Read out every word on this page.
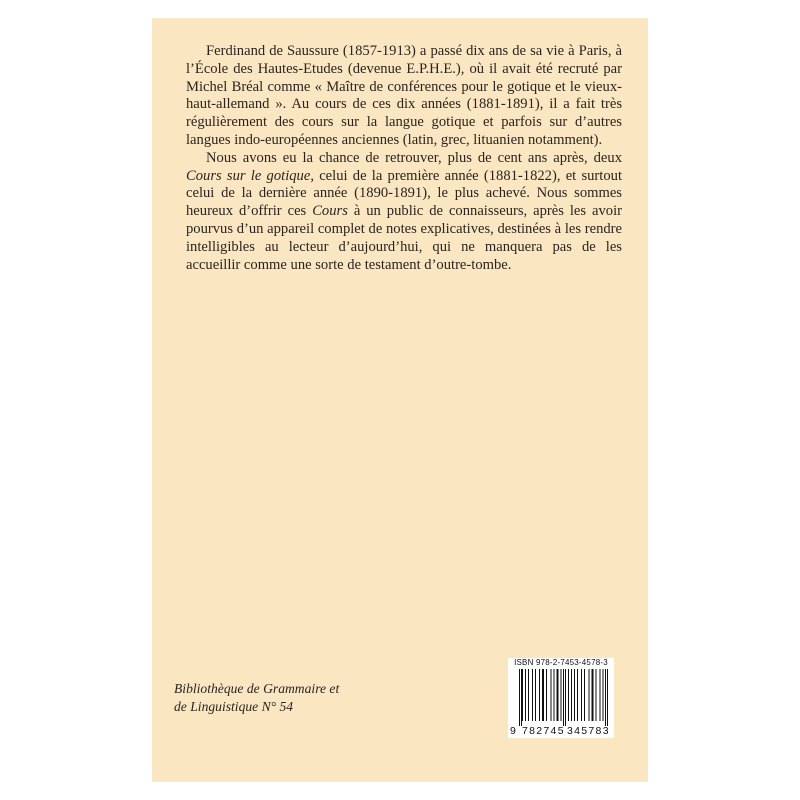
Ferdinand de Saussure (1857-1913) a passé dix ans de sa vie à Paris, à l’École des Hautes-Etudes (devenue E.P.H.E.), où il avait été recruté par Michel Bréal comme « Maître de conférences pour le gotique et le vieux-haut-allemand ». Au cours de ces dix années (1881-1891), il a fait très régulièrement des cours sur la langue gotique et parfois sur d’autres langues indo-européennes anciennes (latin, grec, lituanien notamment).

Nous avons eu la chance de retrouver, plus de cent ans après, deux Cours sur le gotique, celui de la première année (1881-1822), et surtout celui de la dernière année (1890-1891), le plus achevé. Nous sommes heureux d’offrir ces Cours à un public de connaisseurs, après les avoir pourvus d’un appareil complet de notes explicatives, destinées à les rendre intelligibles au lecteur d’aujourd’hui, qui ne manquera pas de les accueillir comme une sorte de testament d’outre-tombe.

Bibliothèque de Grammaire et
de Linguistique N° 54
ISBN 978-2-7453-4578-3
9 782745 345783
